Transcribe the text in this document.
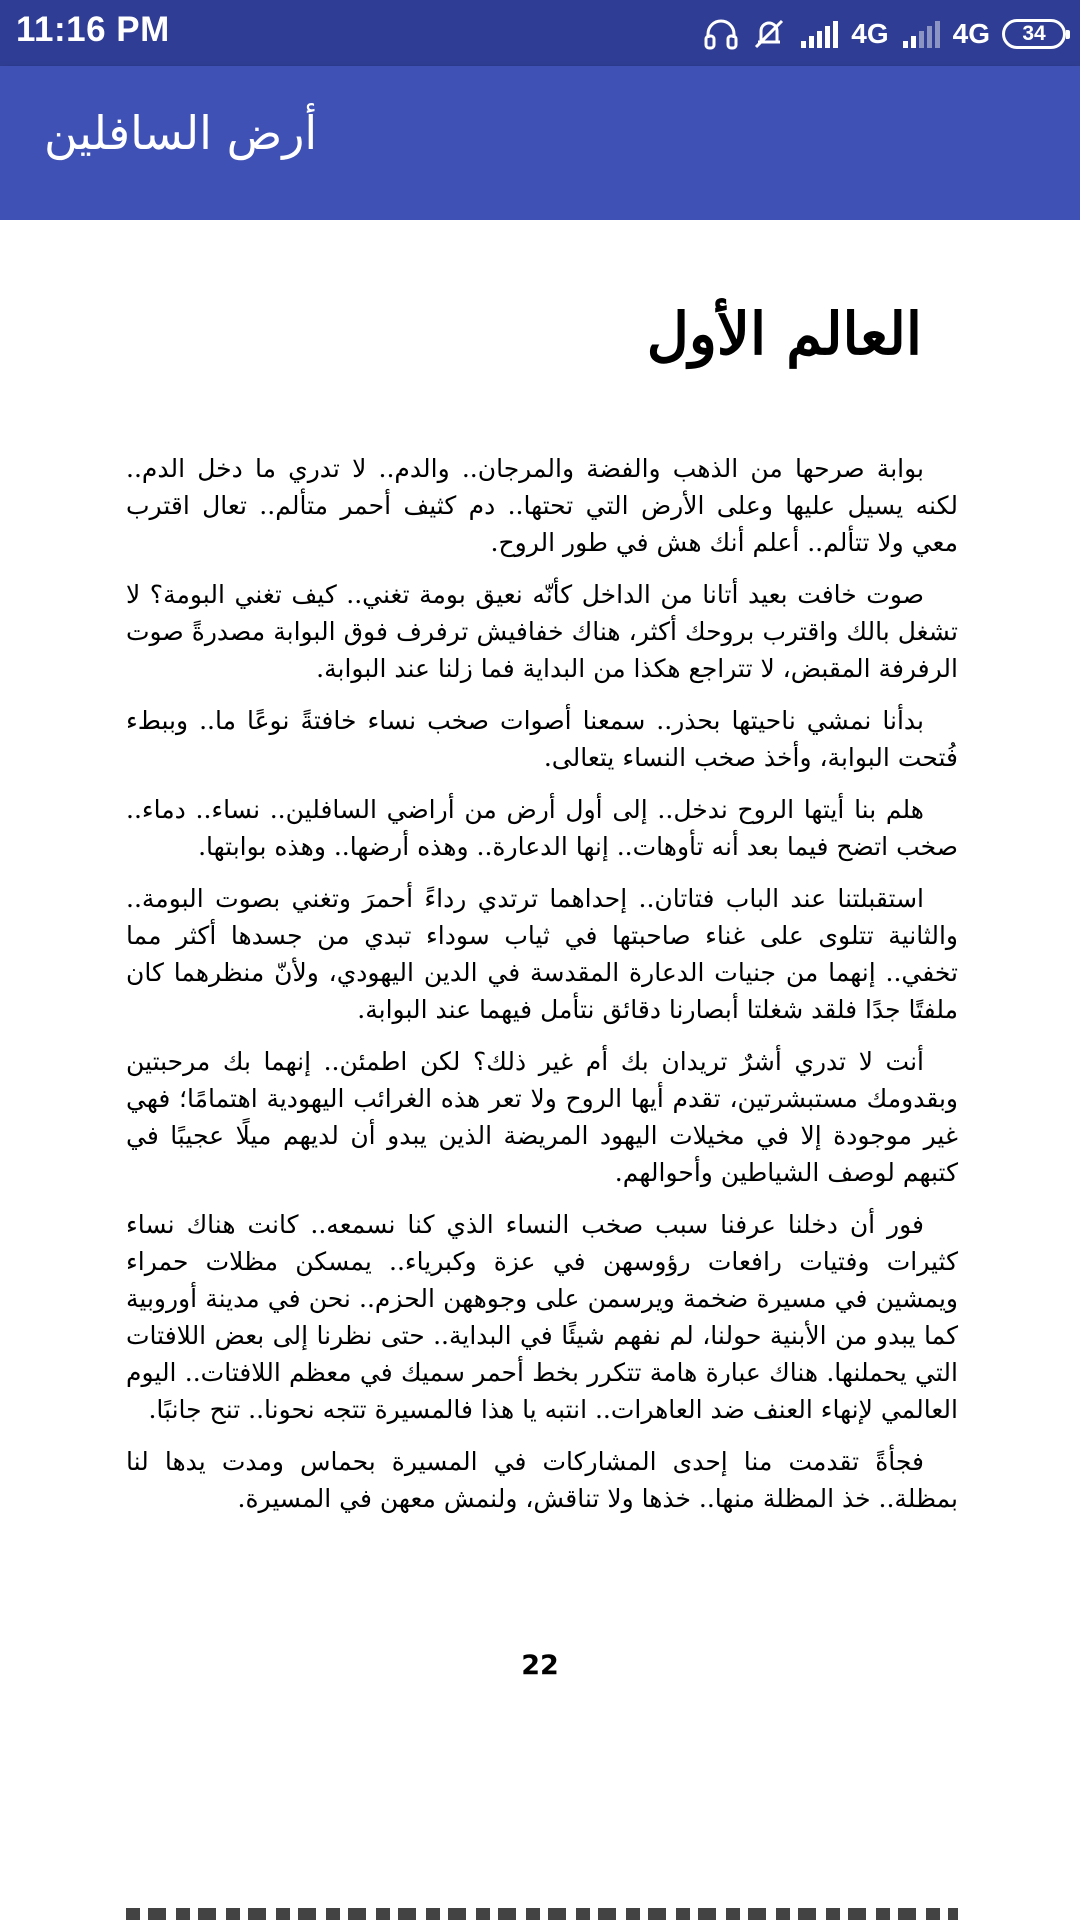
11:16 PM	4G 4G 34
أرض السافلين
العالم الأول

بوابة صرحها من الذهب والفضة والمرجان.. والدم.. لا تدري ما دخل الدم.. لكنه يسيل عليها وعلى الأرض التي تحتها.. دم كثيف أحمر متألم.. تعال اقترب معي ولا تتألم.. أعلم أنك هش في طور الروح.

صوت خافت بعيد أتانا من الداخل كأنّه نعيق بومة تغني.. كيف تغني البومة؟ لا تشغل بالك واقترب بروحك أكثر، هناك خفافيش ترفرف فوق البوابة مصدرةً صوت الرفرفة المقبض، لا تتراجع هكذا من البداية فما زلنا عند البوابة.

بدأنا نمشي ناحيتها بحذر.. سمعنا أصوات صخب نساء خافتةً نوعًا ما.. وببطء فُتحت البوابة، وأخذ صخب النساء يتعالى.

هلم بنا أيتها الروح ندخل.. إلى أول أرض من أراضي السافلين.. نساء.. دماء.. صخب اتضح فيما بعد أنه تأوهات.. إنها الدعارة.. وهذه أرضها.. وهذه بوابتها.

استقبلتنا عند الباب فتاتان.. إحداهما ترتدي رداءً أحمرَ وتغني بصوت البومة.. والثانية تتلوى على غناء صاحبتها في ثياب سوداء تبدي من جسدها أكثر مما تخفي.. إنهما من جنيات الدعارة المقدسة في الدين اليهودي، ولأنّ منظرهما كان ملفتًا جدًا فلقد شغلتا أبصارنا دقائق نتأمل فيهما عند البوابة.

أنت لا تدري أشرٌ تريدان بك أم غير ذلك؟ لكن اطمئن.. إنهما بك مرحبتين وبقدومك مستبشرتين، تقدم أيها الروح ولا تعر هذه الغرائب اليهودية اهتمامًا؛ فهي غير موجودة إلا في مخيلات اليهود المريضة الذين يبدو أن لديهم ميلًا عجيبًا في كتبهم لوصف الشياطين وأحوالهم.

فور أن دخلنا عرفنا سبب صخب النساء الذي كنا نسمعه.. كانت هناك نساء كثيرات وفتيات رافعات رؤوسهن في عزة وكبرياء.. يمسكن مظلات حمراء ويمشين في مسيرة ضخمة ويرسمن على وجوههن الحزم.. نحن في مدينة أوروبية كما يبدو من الأبنية حولنا، لم نفهم شيئًا في البداية.. حتى نظرنا إلى بعض اللافتات التي يحملنها. هناك عبارة هامة تتكرر بخط أحمر سميك في معظم اللافتات.. اليوم العالمي لإنهاء العنف ضد العاهرات.. انتبه يا هذا فالمسيرة تتجه نحونا.. تنح جانبًا.

فجأةً تقدمت منا إحدى المشاركات في المسيرة بحماس ومدت يدها لنا بمظلة.. خذ المظلة منها.. خذها ولا تناقش، ولنمش معهن في المسيرة.

22
